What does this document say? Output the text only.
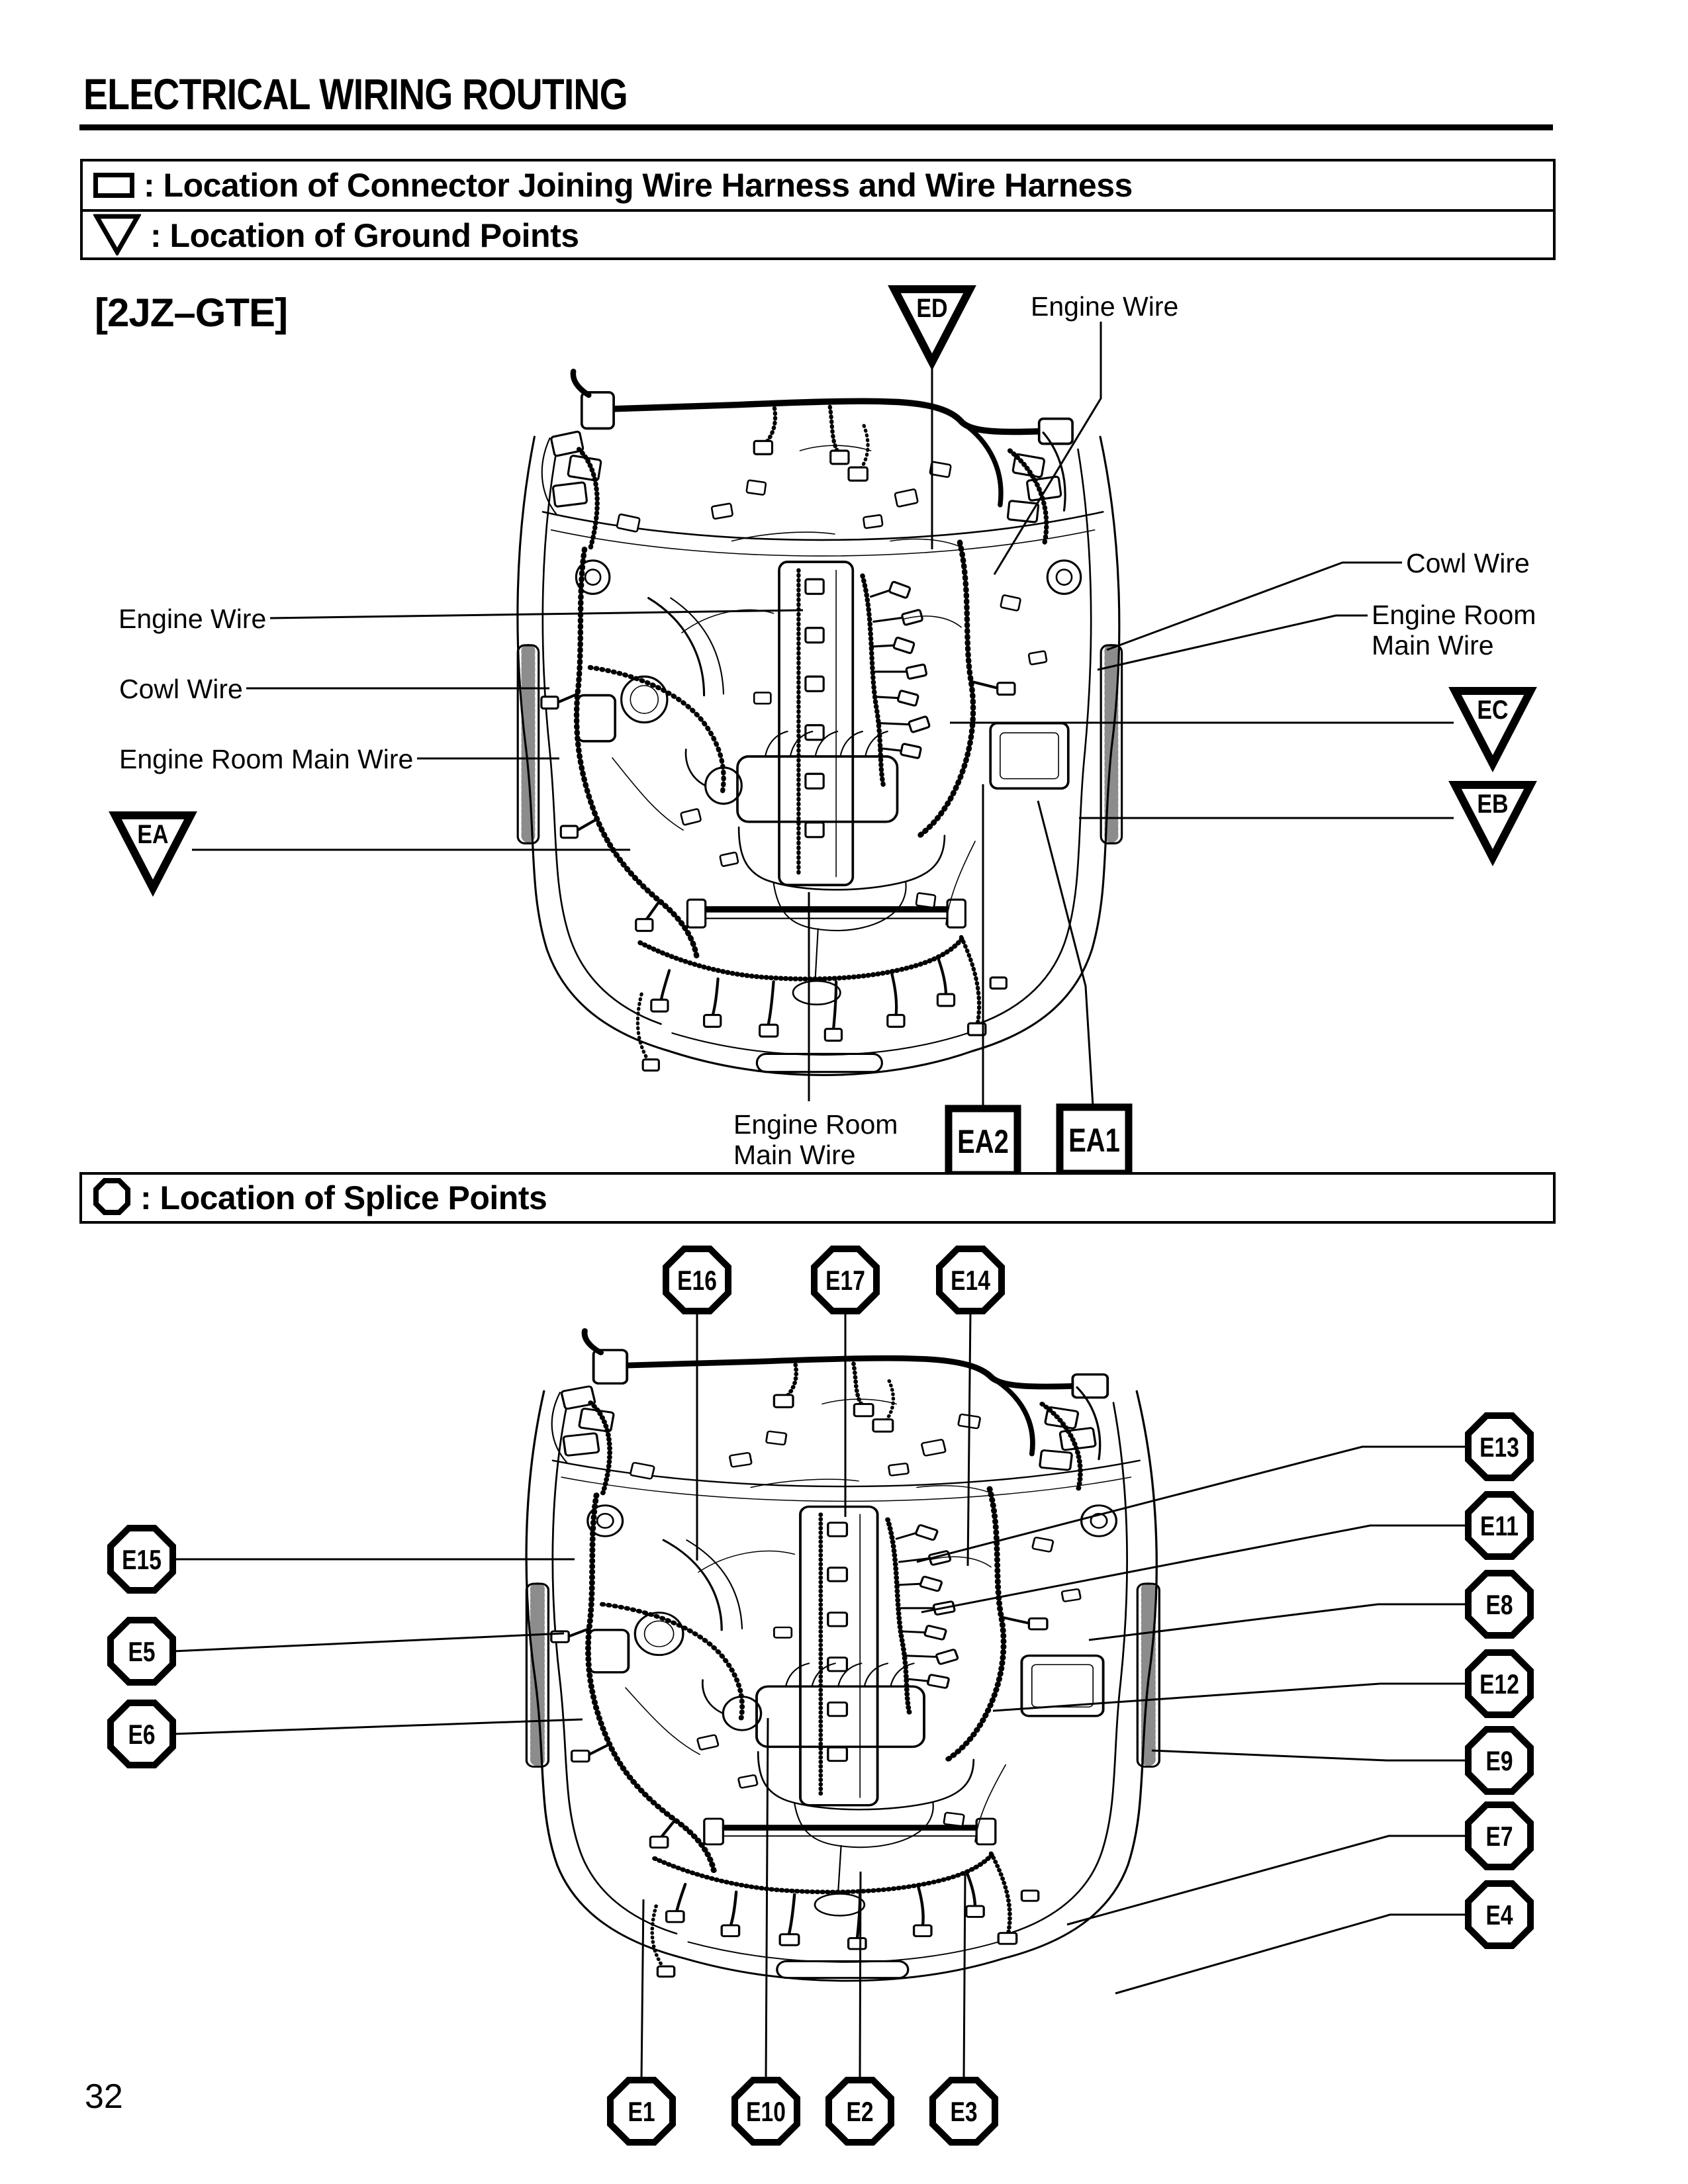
ED
EA
EC
EB
EA2 EA1
E16	E17	E14
E15
E5
E6
E13
E11
E8
E12
E9
E7
E4
E1	E10 E2	E3
ELECTRICAL WIRING ROUTING
: Location of Connector Joining Wire Harness and Wire Harness
: Location of Ground Points
[2JZ–GTE]	Engine Wire
Engine Wire
Cowl Wire
Engine Room Main Wire
Cowl Wire
Engine Room
Main Wire
Engine Room
Main Wire
: Location of Splice Points
32
